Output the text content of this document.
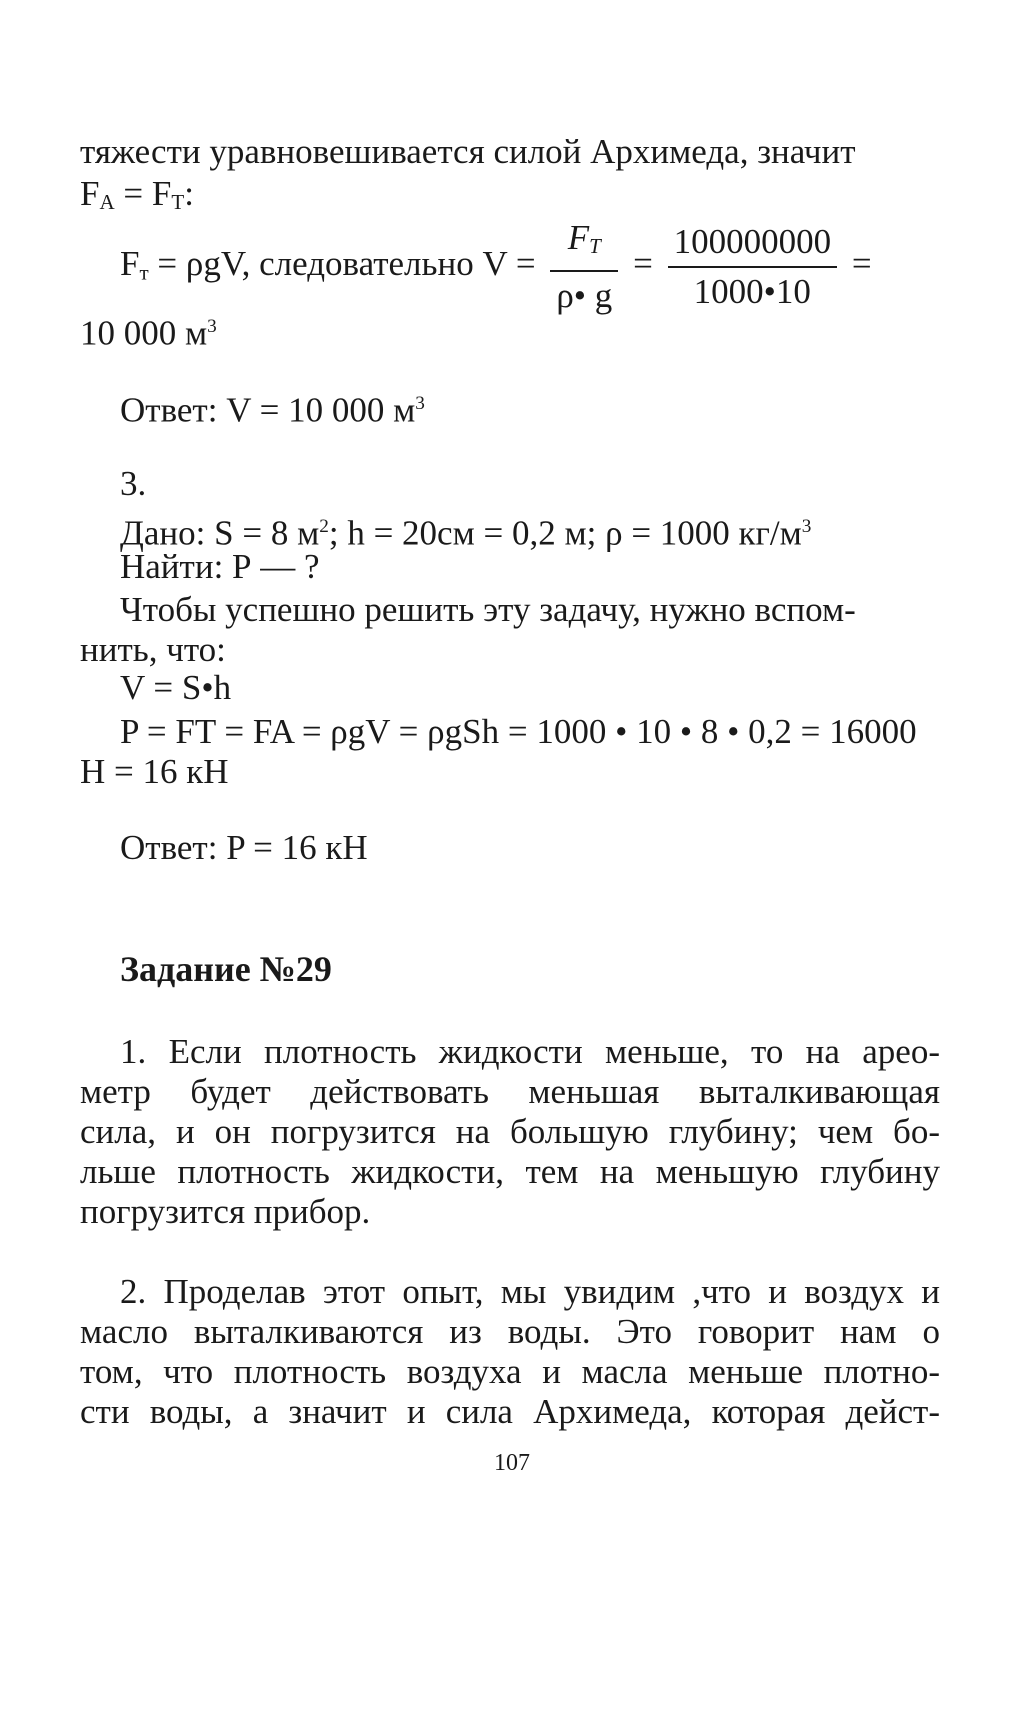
тяжести уравновешивается силой Архимеда, значит
$F_A = F_Т$:
$F_т = \rho gV$, следовательно $V = \frac{F_T}{\rho• g} = \frac{100000000}{1000•10}$ =
10 000 $м^3$
Ответ: V = 10 000 $м^3$
3.
Дано: S = 8 $м^2$; h = 20см = 0,2 м; ρ = 1000 $кг/м^3$
Найти: Р — ?
Чтобы успешно решить эту задачу, нужно вспом-
нить, что:
V = S•h
P = FT = FA = ρgV = ρgSh = 1000 • 10 • 8 • 0,2 = 16000
Н = 16 кН
Ответ: P = 16 кН
Задание №29
1. Если плотность жидкости меньше, то на арео-
метр будет действовать меньшая выталкивающая
сила, и он погрузится на большую глубину; чем бо-
льше плотность жидкости, тем на меньшую глубину
погрузится прибор.
2. Проделав этот опыт, мы увидим ,что и воздух и
масло выталкиваются из воды. Это говорит нам о
том, что плотность воздуха и масла меньше плотно-
сти воды, а значит и сила Архимеда, которая дейст-
107
